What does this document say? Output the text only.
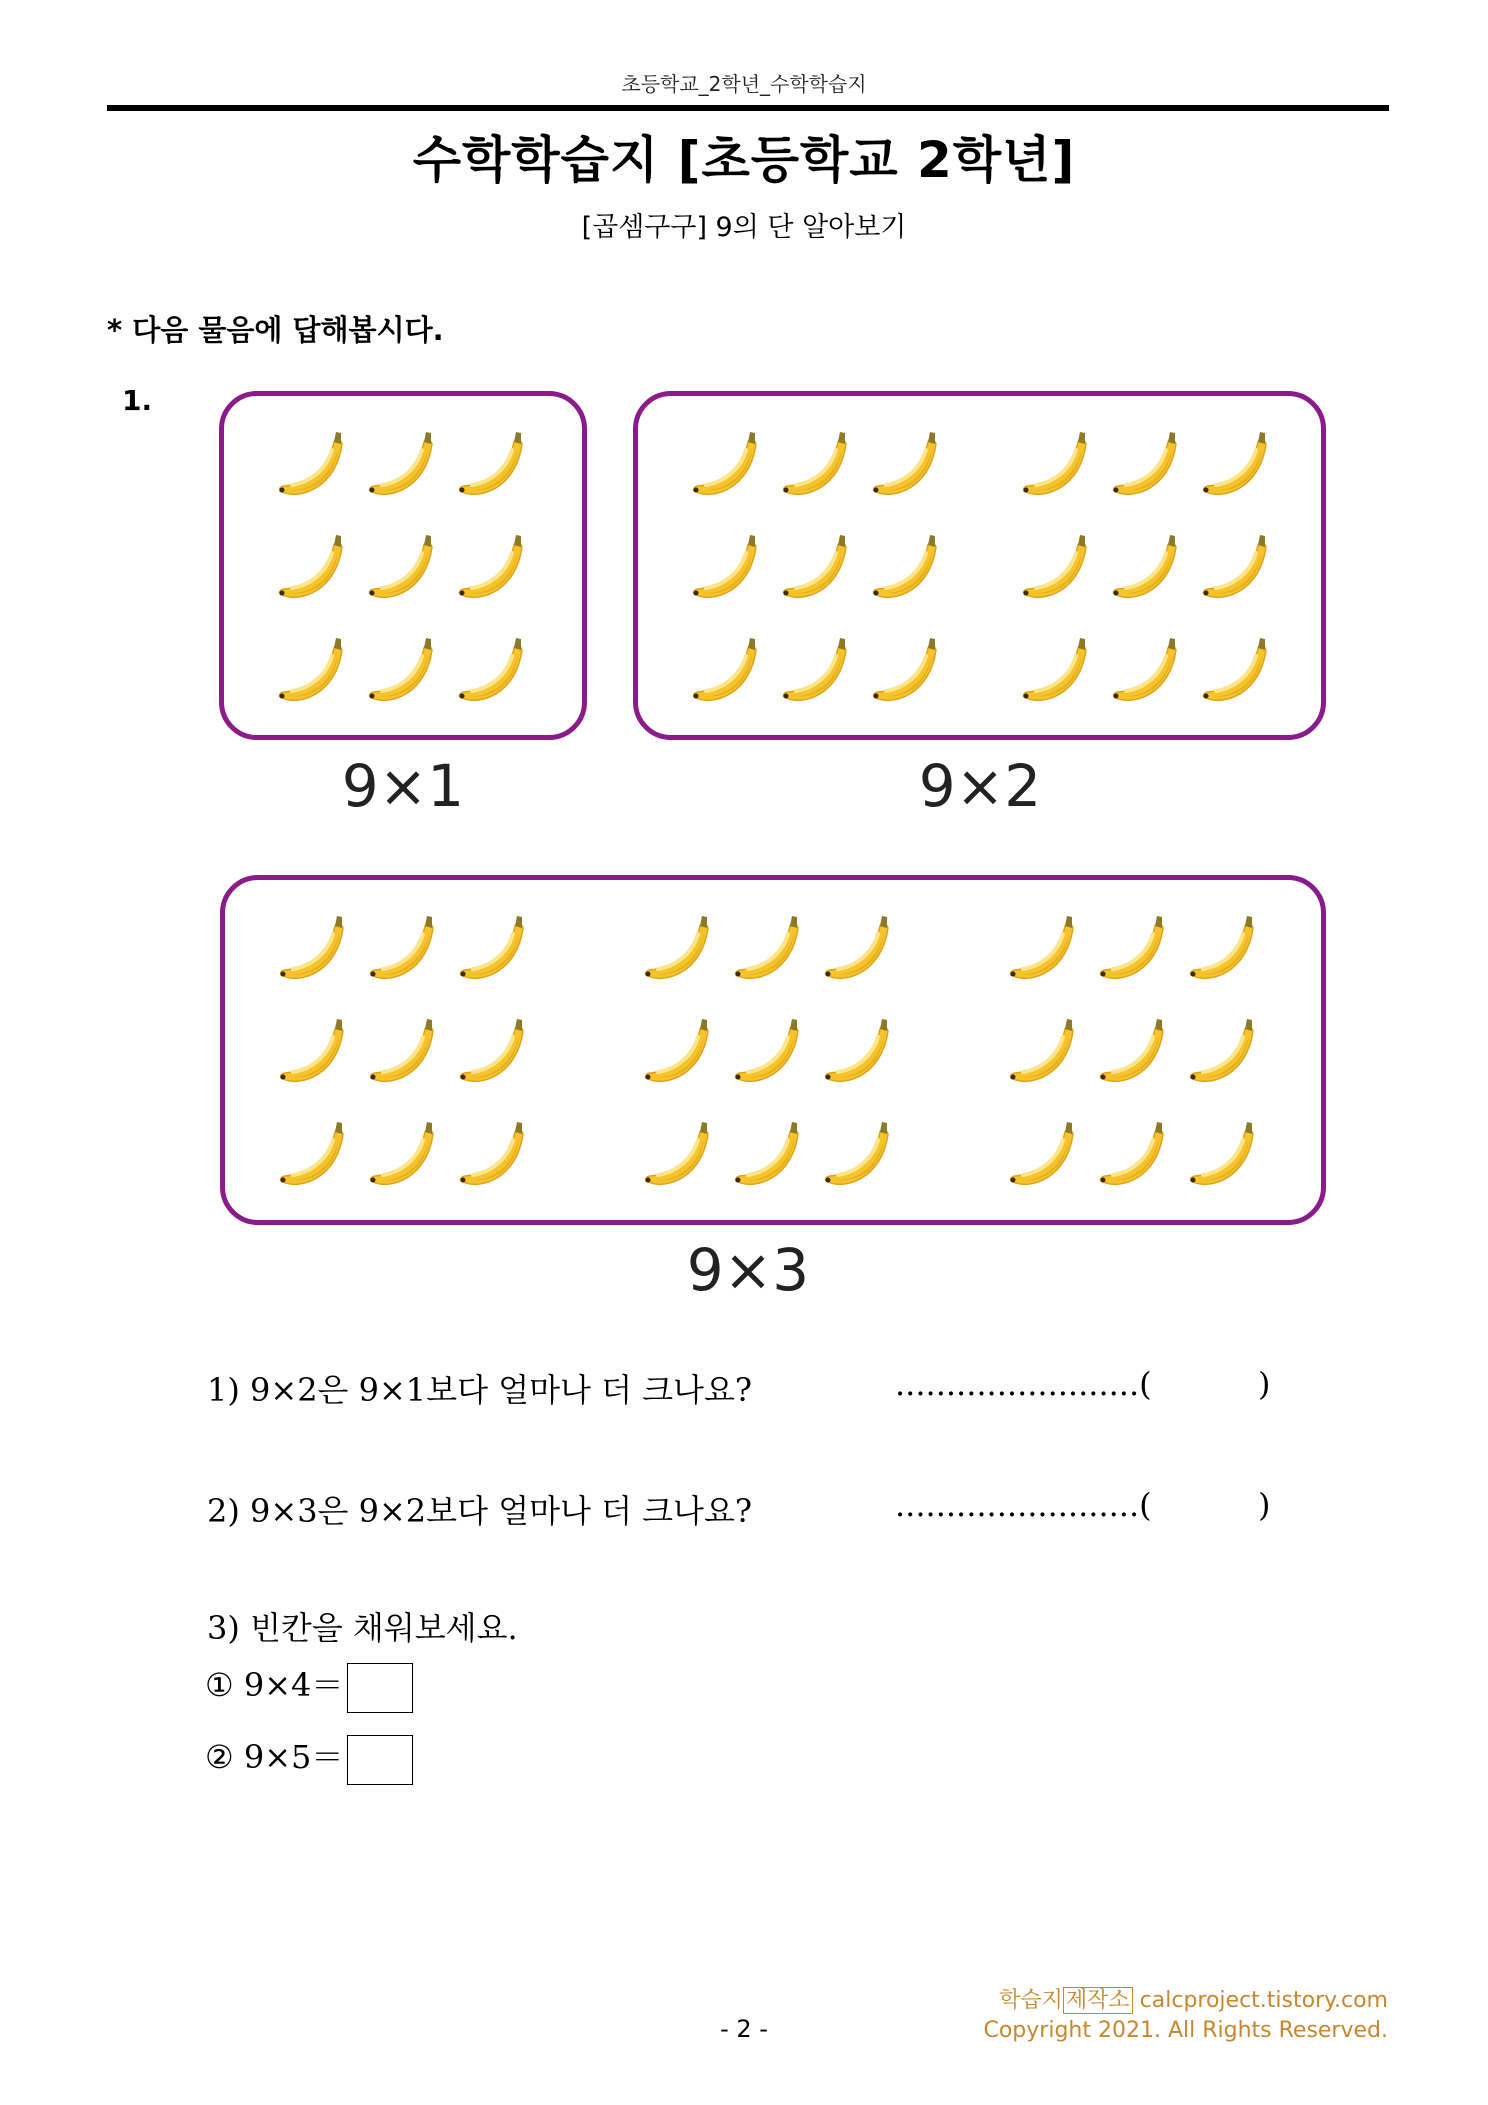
초등학교_2학년_수학학습지
수학학습지 [초등학교 2학년]
[곱셈구구] 9의 단 알아보기
* 다음 물음에 답해봅시다.
1.
9×1	9×2
9×3
1) 9×2은 9×1보다 얼마나 더 크나요?	........................(	)
2) 9×3은 9×2보다 얼마나 더 크나요?	........................(	)
3) 빈칸을 채워보세요.
① 9×4＝
② 9×5＝
학습지 제작소 calcproject.tistory.com
Copyright 2021. All Rights Reserved.
- 2 -
